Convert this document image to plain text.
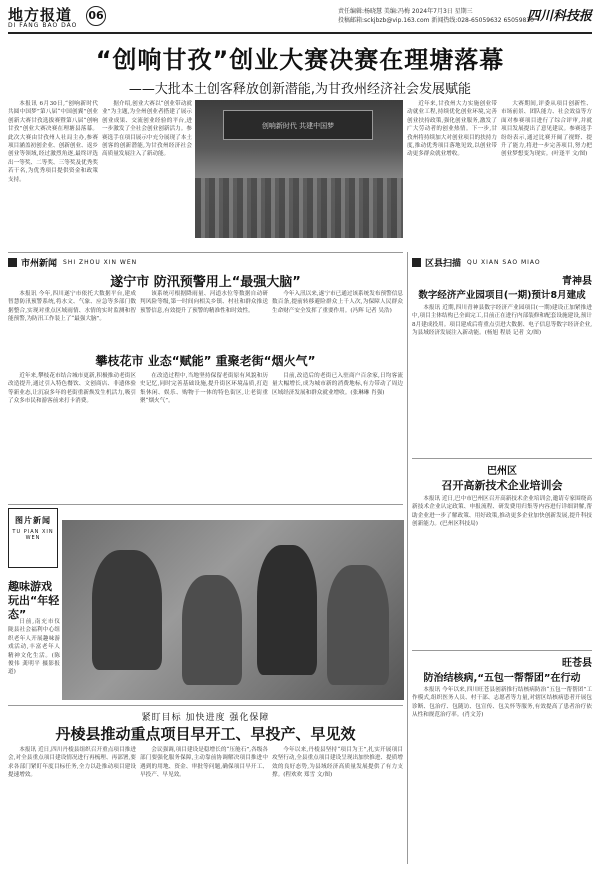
地方报道
DI FANG BAO DAO
06	责任编辑:杨晓慧 美编:冯梅 2024年7月3日 星期三
投稿邮箱:sckjbzb@vip.163.com 新闻热线:028-65059632 65059830
四川科技报
“创响甘孜”创业大赛决赛在理塘落幕
——大批本土创客释放创新潜能,为甘孜州经济社会发展赋能

本报讯 6月30日,“创响新时代 共圆中国梦”第八届“中国创翼”创业创新大赛甘孜选拔赛暨第八届“创响甘孜”创业大赛决赛在理塘县落幕。此次大赛由甘孜州人社局主办,参赛项目涵盖初创企业、创新创业、返乡创业等领域,经过激烈角逐,最终评选出一等奖、二等奖、三等奖及优秀奖若干名,为优秀项目提供资金和政策支持。

据介绍,创业大赛以“创业带动就业”为主题,为全州创业者搭建了展示创业成果、交流创业经验的平台,进一步激发了全社会创业创新活力。参赛选手在项目展示中充分展现了本土创客的创新潜能,为甘孜州经济社会高质量发展注入了新动能。

创响新时代 共建中国梦

近年来,甘孜州大力实施创业带动就业工程,持续优化创业环境,完善创业扶持政策,强化创业服务,激发了广大劳动者的创业热情。下一步,甘孜州将持续加大对创业项目的扶持力度,推动优秀项目落地见效,以创业带动更多群众就业增收。

大赛期间,评委从项目创新性、市场前景、团队能力、社会效益等方面对参赛项目进行了综合评审,并就项目发展提出了意见建议。参赛选手纷纷表示,通过比赛开阔了视野、提升了能力,将进一步完善项目,努力把创业梦想变为现实。(叶逢平 文/图)

市州新闻 SHI ZHOU XIN WEN
遂宁市 防汛预警用上“最强大脑”

本报讯 今年,四川遂宁市依托大数据平台,建成智慧防汛预警系统,将水文、气象、应急等多部门数据整合,实现对重点区域雨情、水情的实时监测和智能预警,为防汛工作装上了“最强大脑”。

该系统可根据降雨量、河道水位等数据自动研判风险等级,第一时间向相关乡镇、村社和群众推送预警信息,有效提升了预警的精准性和时效性。

今年入汛以来,遂宁市已通过该系统发布预警信息数百条,提前转移避险群众上千人次,为保障人民群众生命财产安全发挥了重要作用。(冯辉 记者 吴浩)

攀枝花市 业态“赋能” 重聚老街“烟火气”

近年来,攀枝花市结合城市更新,积极推动老街区改造提升,通过引入特色餐饮、文创商店、非遗体验等新业态,让沉寂多年的老街重新焕发生机活力,吸引了众多市民和游客前来打卡消费。

在改造过程中,当地坚持保留老街原有风貌和历史记忆,同时完善基础设施,提升街区环境品质,打造集休闲、娱乐、购物于一体的特色街区,让老街重聚“烟火气”。

目前,改造后的老街已入驻商户百余家,日均客流量大幅增长,成为城市新的消费地标,有力带动了周边区域经济发展和群众就业增收。(张琳琳 肖强)

图片新闻
TU PIAN XIN WEN
趣味游戏玩出“年轻态”

日前,南充市仪陇县社会福利中心组织老年人开展趣味游戏活动,丰富老年人精神文化生活。(陈俊伟 龚明平 摄影报道)

紧盯目标 加快进度 强化保障
丹棱县推动重点项目早开工、早投产、早见效

本报讯 近日,四川丹棱县组织召开重点项目推进会,对全县重点项目建设情况进行再梳理、再部署,要求各部门紧盯年度目标任务,全力以赴推动项目建设提速增效。

会议强调,项目建设是稳增长的“压舱石”,各级各部门要强化服务保障,主动靠前协调解决项目推进中遇到的用地、资金、审批等问题,确保项目早开工、早投产、早见效。

今年以来,丹棱县坚持“项目为王”,扎实开展项目攻坚行动,全县重点项目建设呈现出加快推进、提质增效的良好态势,为县域经济高质量发展提供了有力支撑。(程欢欢 郑雪 文/图)

区县扫描 QU XIAN SAO MIAO
青神县
数字经济产业园项目(一期)预计8月建成

本报讯 近期,四川青神县数字经济产业园项目(一期)建设正加紧推进中,项目主体结构已全面完工,目前正在进行内部装修和配套设施建设,预计8月建成投用。项目建成后将重点引进大数据、电子信息等数字经济企业,为县域经济发展注入新动能。(杨旭 程晨 记者 文/图)

巴州区
召开高新技术企业培训会

本报讯 近日,巴中市巴州区召开高新技术企业培训会,邀请专家围绕高新技术企业认定政策、申报流程、研发费用归集等内容进行详细讲解,帮助企业进一步了解政策、用好政策,推动更多企业加快创新发展,提升科技创新能力。(巴州区科技局)

旺苍县
防治结核病,“五包一帮帮团”在行动

本报讯 今年以来,四川旺苍县创新推行结核病防治“五包一帮帮团”工作模式,组织医务人员、村干部、志愿者等力量,对辖区结核病患者开展包诊断、包治疗、包随访、包宣传、包关怀等服务,有效提高了患者治疗依从性和规范治疗率。(肖文芳)
